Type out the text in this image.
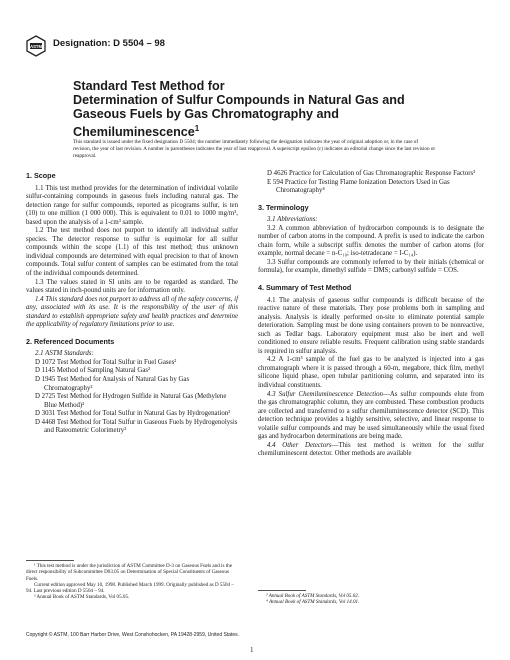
ASTM Designation: D 5504 – 98
Standard Test Method for
Determination of Sulfur Compounds in Natural Gas and
Gaseous Fuels by Gas Chromatography and
Chemiluminescence$^1$
This standard is issued under the fixed designation D 5504; the number immediately following the designation indicates the year of original adoption or, in the case of revision, the year of last revision. A number in parentheses indicates the year of last reapproval. A superscript epsilon (ε) indicates an editorial change since the last revision or reapproval.
1. Scope

1.1 This test method provides for the determination of individual volatile sulfur-containing compounds in gaseous fuels including natural gas. The detection range for sulfur compounds, reported as picograms sulfur, is ten (10) to one million (1 000 000). This is equivalent to 0.01 to 1000 mg/m³, based upon the analysis of a 1-cm³ sample.

1.2 The test method does not purport to identify all individual sulfur species. The detector response to sulfur is equimolar for all sulfur compounds within the scope (1.1) of this test method; thus unknown individual compounds are determined with equal precision to that of known compounds. Total sulfur content of samples can be estimated from the total of the individual compounds determined.

1.3 The values stated in SI units are to be regarded as standard. The values stated in inch-pound units are for information only.

1.4 This standard does not purport to address all of the safety concerns, if any, associated with its use. It is the responsibility of the user of this standard to establish appropriate safety and health practices and determine the applicability of regulatory limitations prior to use.

2. Referenced Documents

2.1 ASTM Standards:

D 1072 Test Method for Total Sulfur in Fuel Gases²
D 1145 Method of Sampling Natural Gas²
D 1945 Test Method for Analysis of Natural Gas by Gas Chromatography²
D 2725 Test Method for Hydrogen Sulfide in Natural Gas (Methylene Blue Method)²
D 3031 Test Method for Total Sulfur in Natural Gas by Hydrogenation²
D 4468 Test Method for Total Sulfur in Gaseous Fuels by Hydrogenolysis and Rateometric Colorimetry²
¹ This test method is under the jurisdiction of ASTM Committee D-3 on Gaseous Fuels and is the direct responsibility of Subcommittee D03.05 on Determination of Special Constituents of Gaseous Fuels.
Current edition approved May 10, 1998. Published March 1999. Originally published as D 5504 – 94. Last previous edition D 5504 – 94.
² Annual Book of ASTM Standards, Vol 05.05.
D 4626 Practice for Calculation of Gas Chromatographic Response Factors³
E 594 Practice for Testing Flame Ionization Detectors Used in Gas Chromatography⁴
3. Terminology

3.1 Abbreviations:

3.2 A common abbreviation of hydrocarbon compounds is to designate the number of carbon atoms in the compound. A prefix is used to indicate the carbon chain form, while a subscript suffix denotes the number of carbon atoms (for example, normal decane = n-C₁₀; iso-tetradecane = I-C₁₄).

3.3 Sulfur compounds are commonly referred to by their initials (chemical or formula), for example, dimethyl sulfide = DMS; carbonyl sulfide = COS.

4. Summary of Test Method

4.1 The analysis of gaseous sulfur compounds is difficult because of the reactive nature of these materials. They pose problems both in sampling and analysis. Analysis is ideally performed on-site to eliminate potential sample deterioration. Sampling must be done using containers proven to be nonreactive, such as Tedlar bags. Laboratory equipment must also be inert and well conditioned to ensure reliable results. Frequent calibration using stable standards is required in sulfur analysis.

4.2 A 1-cm³ sample of the fuel gas to be analyzed is injected into a gas chromatograph where it is passed through a 60-m, megabore, thick film, methyl silicone liquid phase, open tubular partitioning column, and separated into its individual constituents.

4.3 Sulfur Chemiluminescence Detection—As sulfur compounds elute from the gas chromatographic column, they are combusted. These combustion products are collected and transferred to a sulfur chemiluminescence detector (SCD). This detection technique provides a highly sensitive, selective, and linear response to volatile sulfur compounds and may be used simultaneously while the usual fixed gas and hydrocarbon determinations are being made.

4.4 Other Detectors—This test method is written for the sulfur chemiluminescent detector. Other methods are available

³ Annual Book of ASTM Standards, Vol 05.02.
⁴ Annual Book of ASTM Standards, Vol 14.01.
Copyright © ASTM, 100 Barr Harbor Drive, West Conshohocken, PA 19428-2959, United States.
1
